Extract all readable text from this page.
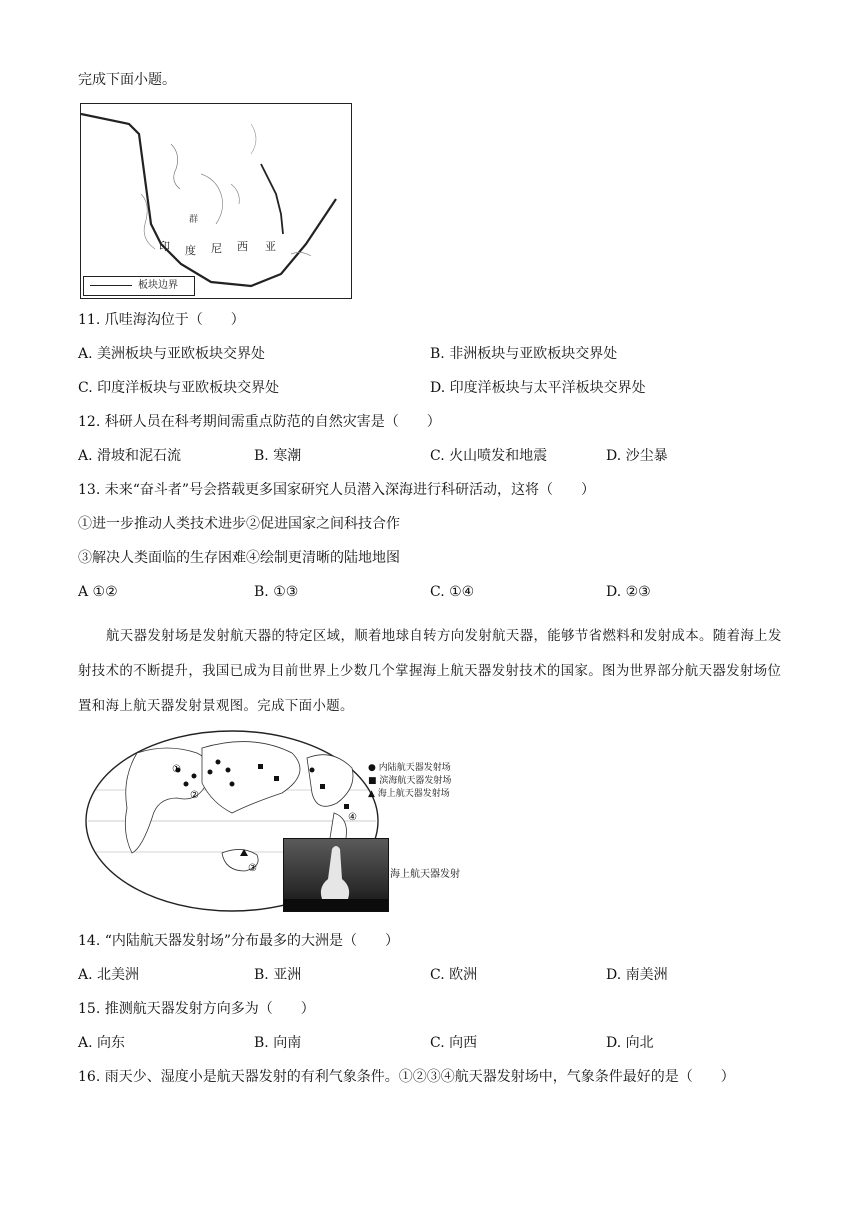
完成下面小题。
群
印 度 尼 西 亚
板块边界
11. 爪哇海沟位于（　　）
A. 美洲板块与亚欧板块交界处	B. 非洲板块与亚欧板块交界处
C. 印度洋板块与亚欧板块交界处	D. 印度洋板块与太平洋板块交界处
12. 科研人员在科考期间需重点防范的自然灾害是（　　）
A. 滑坡和泥石流	B. 寒潮	C. 火山喷发和地震	D. 沙尘暴
13. 未来“奋斗者”号会搭载更多国家研究人员潜入深海进行科研活动，这将（　　）
①进一步推动人类技术进步②促进国家之间科技合作
③解决人类面临的生存困难④绘制更清晰的陆地地图
A ①②	B. ①③	C. ①④	D. ②③
航天器发射场是发射航天器的特定区域，顺着地球自转方向发射航天器，能够节省燃料和发射成本。随着海上发射技术的不断提升，我国已成为目前世界上少数几个掌握海上航天器发射技术的国家。图为世界部分航天器发射场位置和海上航天器发射景观图。完成下面小题。
①
②
③
④
● 内陆航天器发射场
■ 滨海航天器发射场
▲ 海上航天器发射场
海上航天器发射
14. “内陆航天器发射场”分布最多的大洲是（　　）
A. 北美洲	B. 亚洲	C. 欧洲	D. 南美洲
15. 推测航天器发射方向多为（　　）
A. 向东	B. 向南	C. 向西	D. 向北
16. 雨天少、湿度小是航天器发射的有利气象条件。①②③④航天器发射场中，气象条件最好的是（　　）
